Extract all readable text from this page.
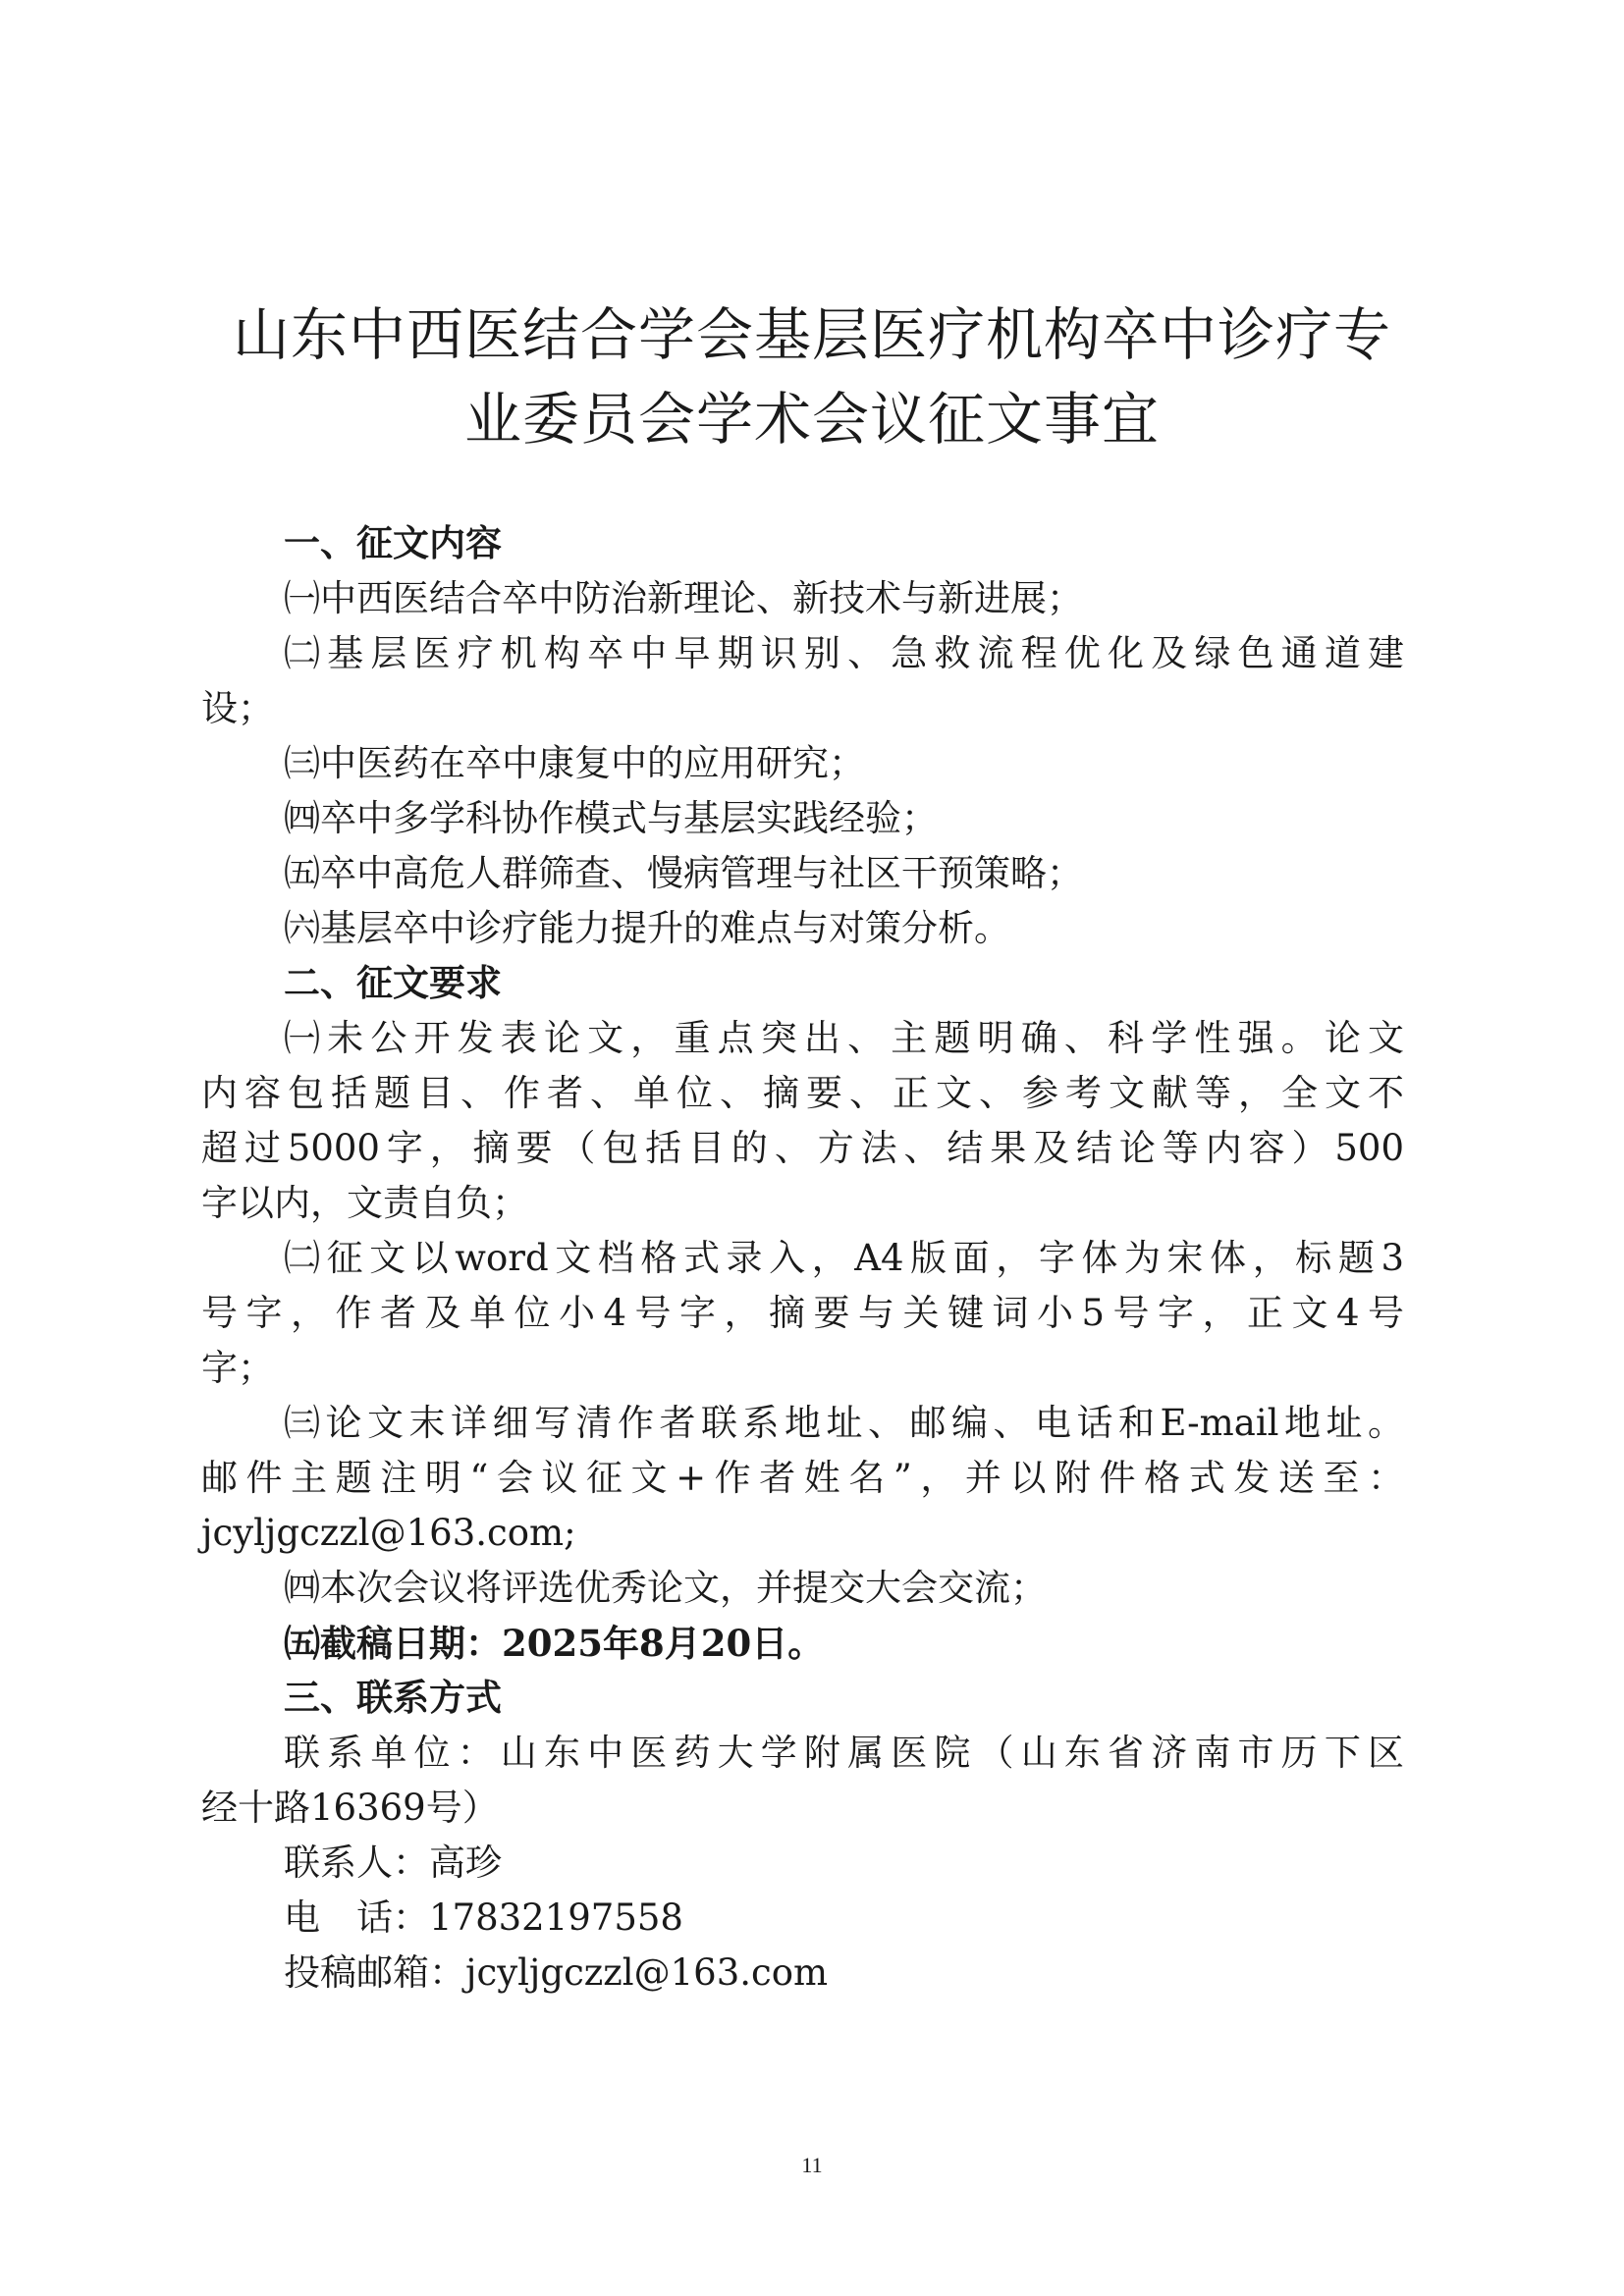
山东中西医结合学会基层医疗机构卒中诊疗专
业委员会学术会议征文事宜
一、征文内容
㈠中西医结合卒中防治新理论、新技术与新进展；
㈡基层医疗机构卒中早期识别、急救流程优化及绿色通道建
设；
㈢中医药在卒中康复中的应用研究；
㈣卒中多学科协作模式与基层实践经验；
㈤卒中高危人群筛查、慢病管理与社区干预策略；
㈥基层卒中诊疗能力提升的难点与对策分析。
二、征文要求
㈠未公开发表论文，重点突出、主题明确、科学性强。论文
内容包括题目、作者、单位、摘要、正文、参考文献等，全文不
超过5000字，摘要（包括目的、方法、结果及结论等内容）500
字以内，文责自负；
㈡征文以word文档格式录入，A4版面，字体为宋体，标题3
号字，作者及单位小4号字，摘要与关键词小5号字，正文4号
字；
㈢论文末详细写清作者联系地址、邮编、电话和E-mail地址。
邮件主题注明“会议征文+作者姓名”，并以附件格式发送至：
jcyljgczzl@163.com;
㈣本次会议将评选优秀论文，并提交大会交流；
㈤截稿日期：2025年8月20日。
三、联系方式
联系单位：山东中医药大学附属医院（山东省济南市历下区
经十路16369号）
联系人：高珍
电　话：17832197558
投稿邮箱：jcyljgczzl@163.com
11
